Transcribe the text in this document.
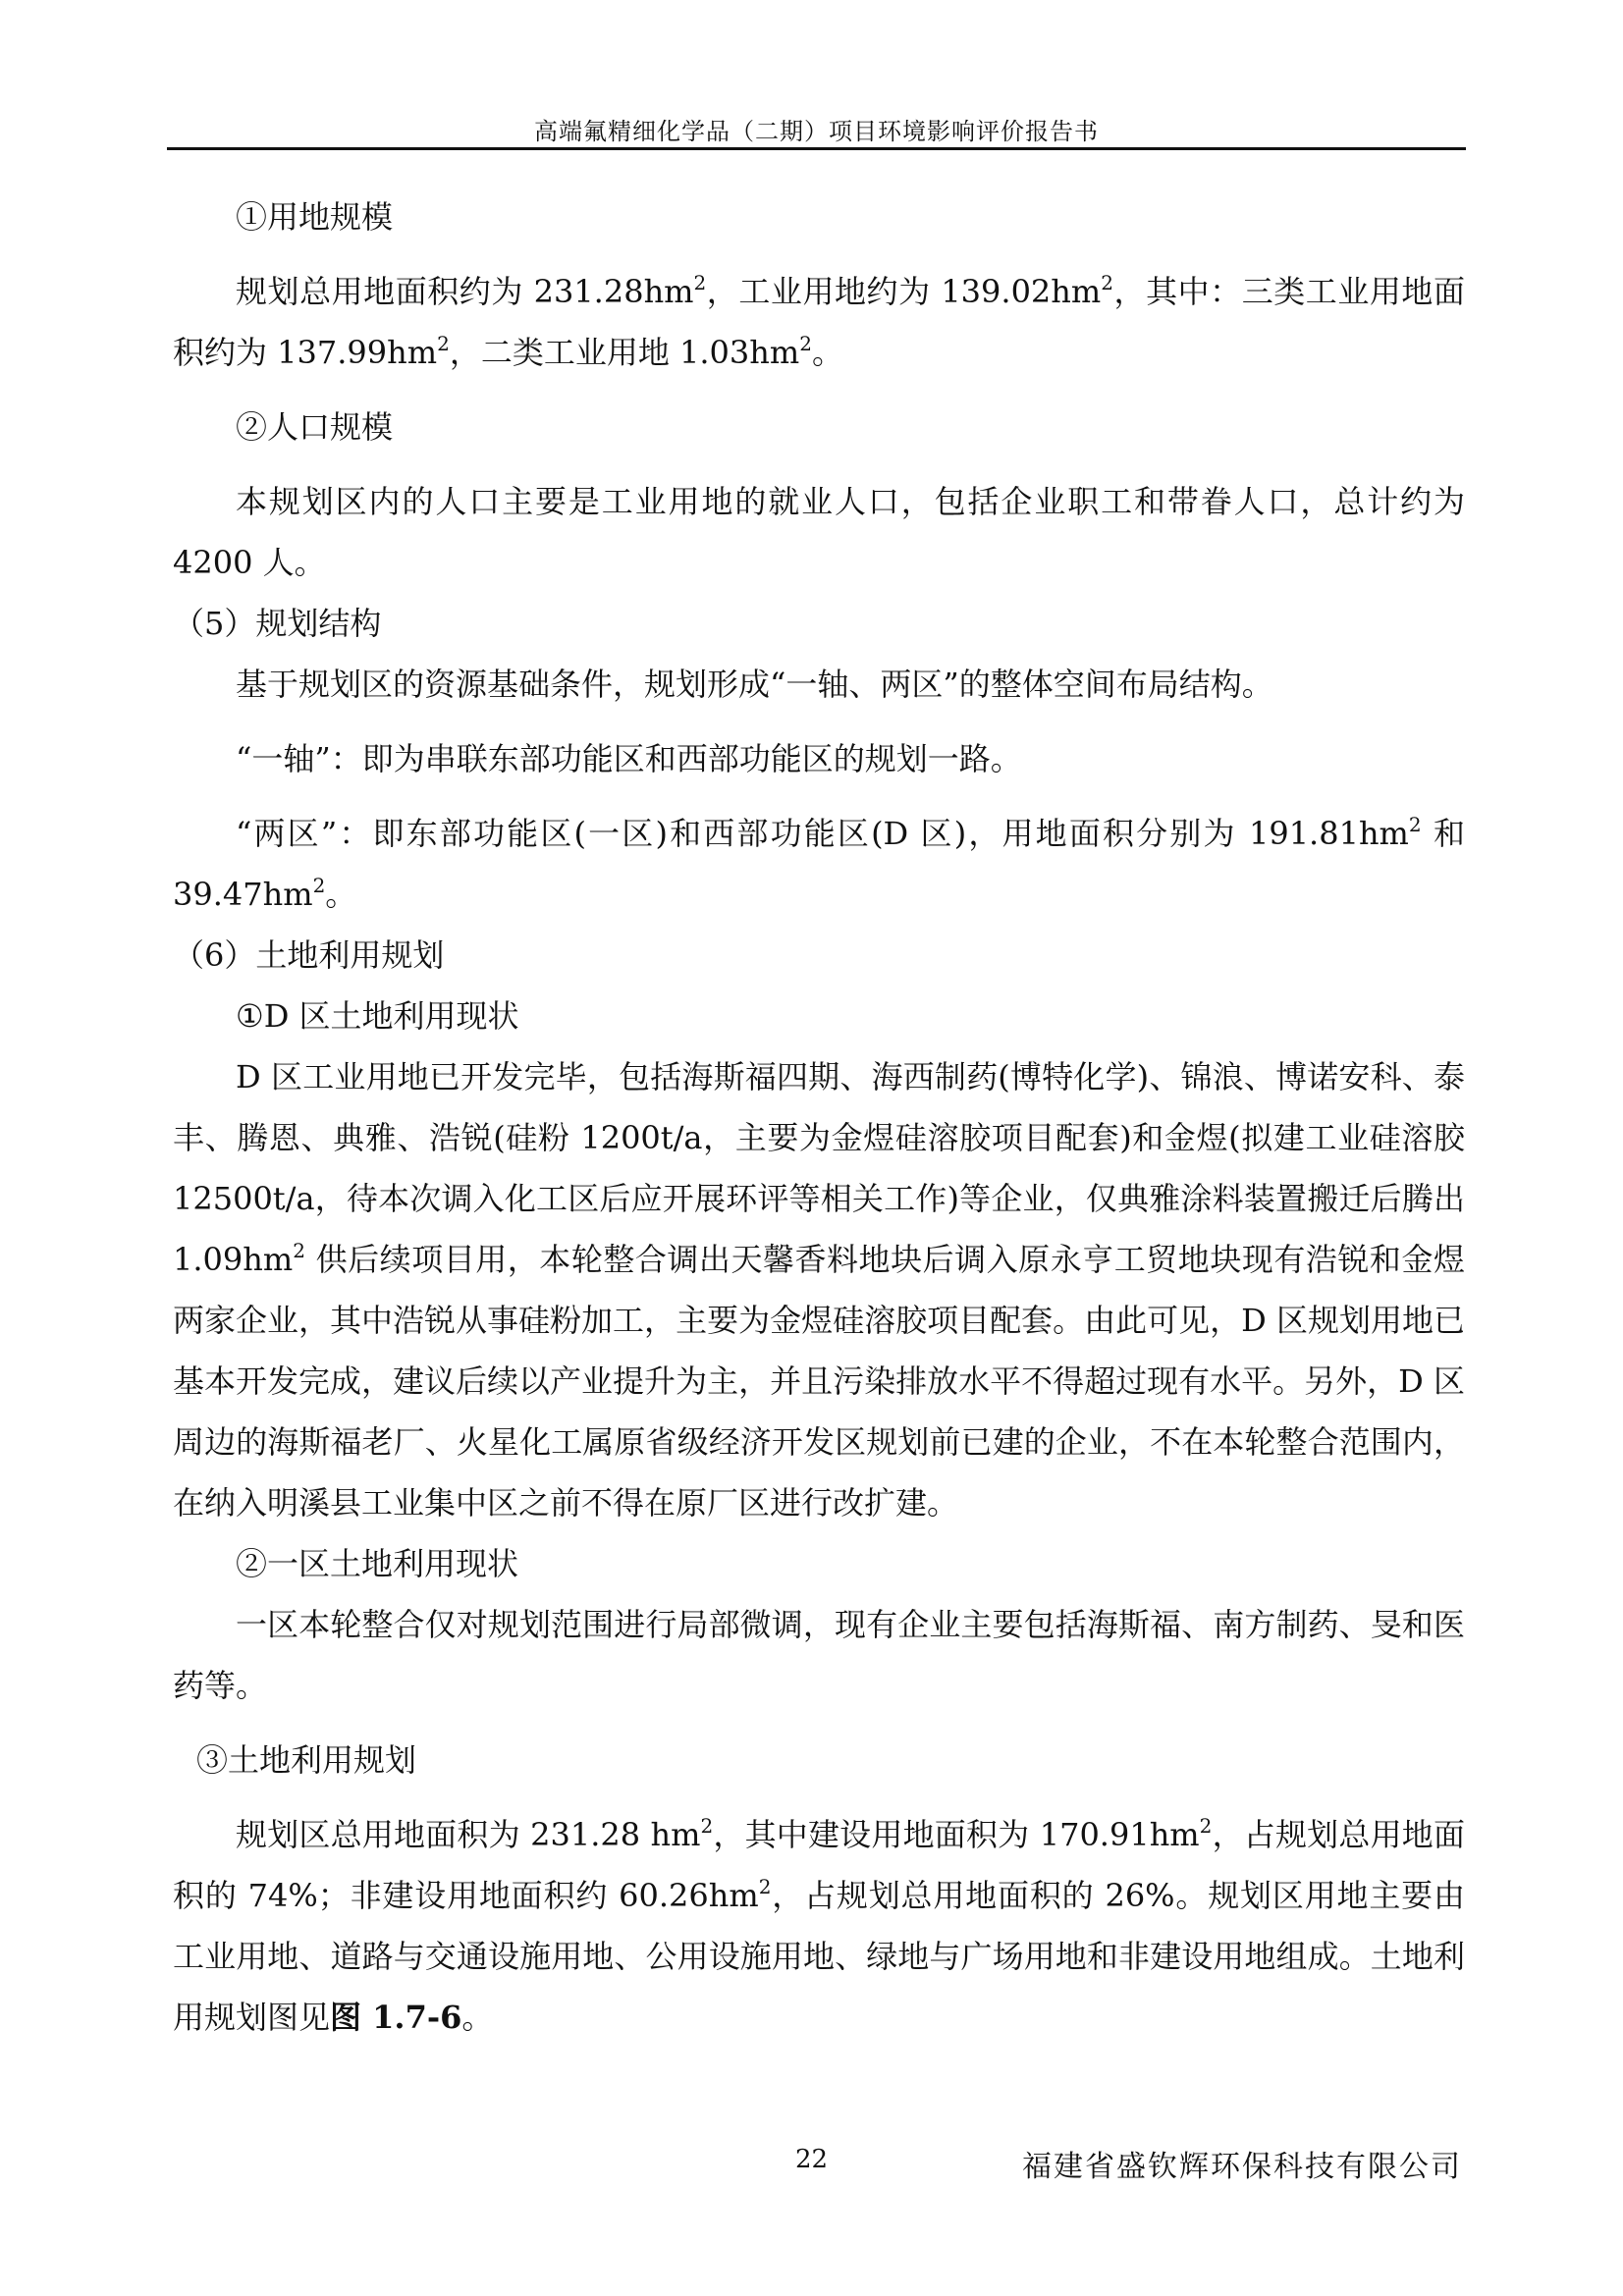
高端氟精细化学品（二期）项目环境影响评价报告书

①用地规模

规划总用地面积约为 $231.28hm^2$，工业用地约为 $139.02hm^2$，其中：三类工业用地面积约为 $137.99hm^2$，二类工业用地 $1.03hm^2$。

②人口规模

本规划区内的人口主要是工业用地的就业人口，包括企业职工和带眷人口，总计约为 4200 人。

（5）规划结构

基于规划区的资源基础条件，规划形成“一轴、两区”的整体空间布局结构。

“一轴”：即为串联东部功能区和西部功能区的规划一路。

“两区”：即东部功能区(一区)和西部功能区(D 区)，用地面积分别为 $191.81hm^2$ 和 $39.47hm^2$。

（6）土地利用规划

①D 区土地利用现状

D 区工业用地已开发完毕，包括海斯福四期、海西制药(博特化学)、锦浪、博诺安科、泰丰、腾恩、典雅、浩锐(硅粉 1200t/a，主要为金煜硅溶胶项目配套)和金煜(拟建工业硅溶胶 12500t/a，待本次调入化工区后应开展环评等相关工作)等企业，仅典雅涂料装置搬迁后腾出 $1.09hm^2$ 供后续项目用，本轮整合调出天馨香料地块后调入原永亨工贸地块现有浩锐和金煜两家企业，其中浩锐从事硅粉加工，主要为金煜硅溶胶项目配套。由此可见，D 区规划用地已基本开发完成，建议后续以产业提升为主，并且污染排放水平不得超过现有水平。另外，D 区周边的海斯福老厂、火星化工属原省级经济开发区规划前已建的企业，不在本轮整合范围内，在纳入明溪县工业集中区之前不得在原厂区进行改扩建。

②一区土地利用现状

一区本轮整合仅对规划范围进行局部微调，现有企业主要包括海斯福、南方制药、旻和医药等。

③土地利用规划

规划区总用地面积为 231.28 $hm^2$，其中建设用地面积为 $170.91hm^2$，占规划总用地面积的 74%；非建设用地面积约 $60.26hm^2$，占规划总用地面积的 26%。规划区用地主要由工业用地、道路与交通设施用地、公用设施用地、绿地与广场用地和非建设用地组成。土地利用规划图见图 1.7-6。

22	福建省盛钦辉环保科技有限公司
